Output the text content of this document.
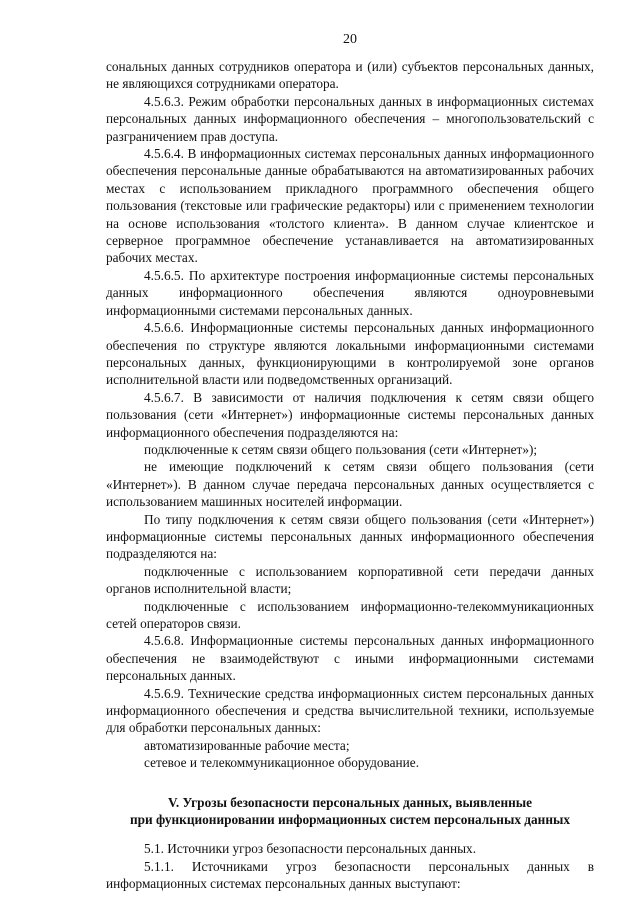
20

сональных данных сотрудников оператора и (или) субъектов персональных данных, не являющихся сотрудниками оператора.

4.5.6.3. Режим обработки персональных данных в информационных системах персональных данных информационного обеспечения – многопользовательский с разграничением прав доступа.

4.5.6.4. В информационных системах персональных данных информационного обеспечения персональные данные обрабатываются на автоматизированных рабочих местах с использованием прикладного программного обеспечения общего пользования (текстовые или графические редакторы) или с применением технологии на основе использования «толстого клиента». В данном случае клиентское и серверное программное обеспечение устанавливается на автоматизированных рабочих местах.

4.5.6.5. По архитектуре построения информационные системы персональных данных информационного обеспечения являются одноуровневыми информационными системами персональных данных.

4.5.6.6. Информационные системы персональных данных информационного обеспечения по структуре являются локальными информационными системами персональных данных, функционирующими в контролируемой зоне органов исполнительной власти или подведомственных организаций.

4.5.6.7. В зависимости от наличия подключения к сетям связи общего пользования (сети «Интернет») информационные системы персональных данных информационного обеспечения подразделяются на:

подключенные к сетям связи общего пользования (сети «Интернет»);

не имеющие подключений к сетям связи общего пользования (сети «Интернет»). В данном случае передача персональных данных осуществляется с использованием машинных носителей информации.

По типу подключения к сетям связи общего пользования (сети «Интернет») информационные системы персональных данных информационного обеспечения подразделяются на:

подключенные с использованием корпоративной сети передачи данных органов исполнительной власти;

подключенные с использованием информационно-телекоммуникационных сетей операторов связи.

4.5.6.8. Информационные системы персональных данных информационного обеспечения не взаимодействуют с иными информационными системами персональных данных.

4.5.6.9. Технические средства информационных систем персональных данных информационного обеспечения и средства вычислительной техники, используемые для обработки персональных данных:

автоматизированные рабочие места;

сетевое и телекоммуникационное оборудование.

V. Угрозы безопасности персональных данных, выявленные
при функционировании информационных систем персональных данных

5.1. Источники угроз безопасности персональных данных.

5.1.1. Источниками угроз безопасности персональных данных в информационных системах персональных данных выступают:
